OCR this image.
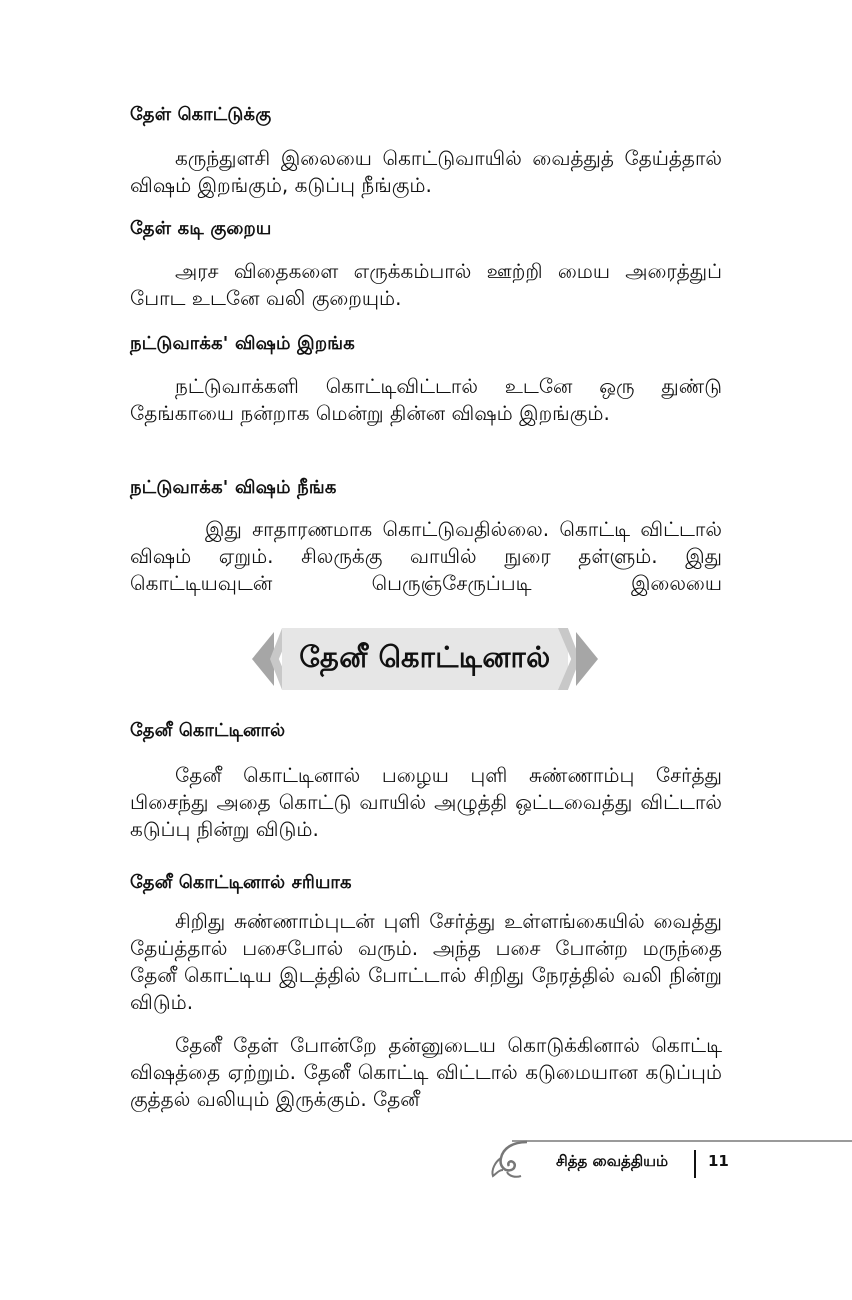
தேள் கொட்டுக்கு

கருந்துளசி இலையை கொட்டுவாயில் வைத்துத் தேய்த்தால் விஷம் இறங்கும், கடுப்பு நீங்கும்.

தேள் கடி குறைய

அரச விதைகளை எருக்கம்பால் ஊற்றி மைய அரைத்துப் போட உடனே வலி குறையும்.

நட்டுவாக்க' விஷம் இறங்க

நட்டுவாக்களி கொட்டிவிட்டால் உடனே ஒரு துண்டு தேங்காயை நன்றாக மென்று தின்ன விஷம் இறங்கும்.

நட்டுவாக்க' விஷம் நீங்க

இது சாதாரணமாக கொட்டுவதில்லை. கொட்டி விட்டால் விஷம் ஏறும். சிலருக்கு வாயில் நுரை தள்ளும். இது கொட்டியவுடன் பெருஞ்சேருப்படி இலையை

தேனீ கொட்டினால்
தேனீ கொட்டினால்

தேனீ கொட்டினால் பழைய புளி சுண்ணாம்பு சேர்த்து பிசைந்து அதை கொட்டு வாயில் அழுத்தி ஒட்டவைத்து விட்டால் கடுப்பு நின்று விடும்.

தேனீ கொட்டினால் சரியாக

சிறிது சுண்ணாம்புடன் புளி சேர்த்து உள்ளங்கையில் வைத்து தேய்த்தால் பசைபோல் வரும். அந்த பசை போன்ற மருந்தை தேனீ கொட்டிய இடத்தில் போட்டால் சிறிது நேரத்தில் வலி நின்று விடும்.

தேனீ தேள் போன்றே தன்னுடைய கொடுக்கினால் கொட்டி விஷத்தை ஏற்றும். தேனீ கொட்டி விட்டால் கடுமையான கடுப்பும் குத்தல் வலியும் இருக்கும். தேனீ

சித்த வைத்தியம்	11
